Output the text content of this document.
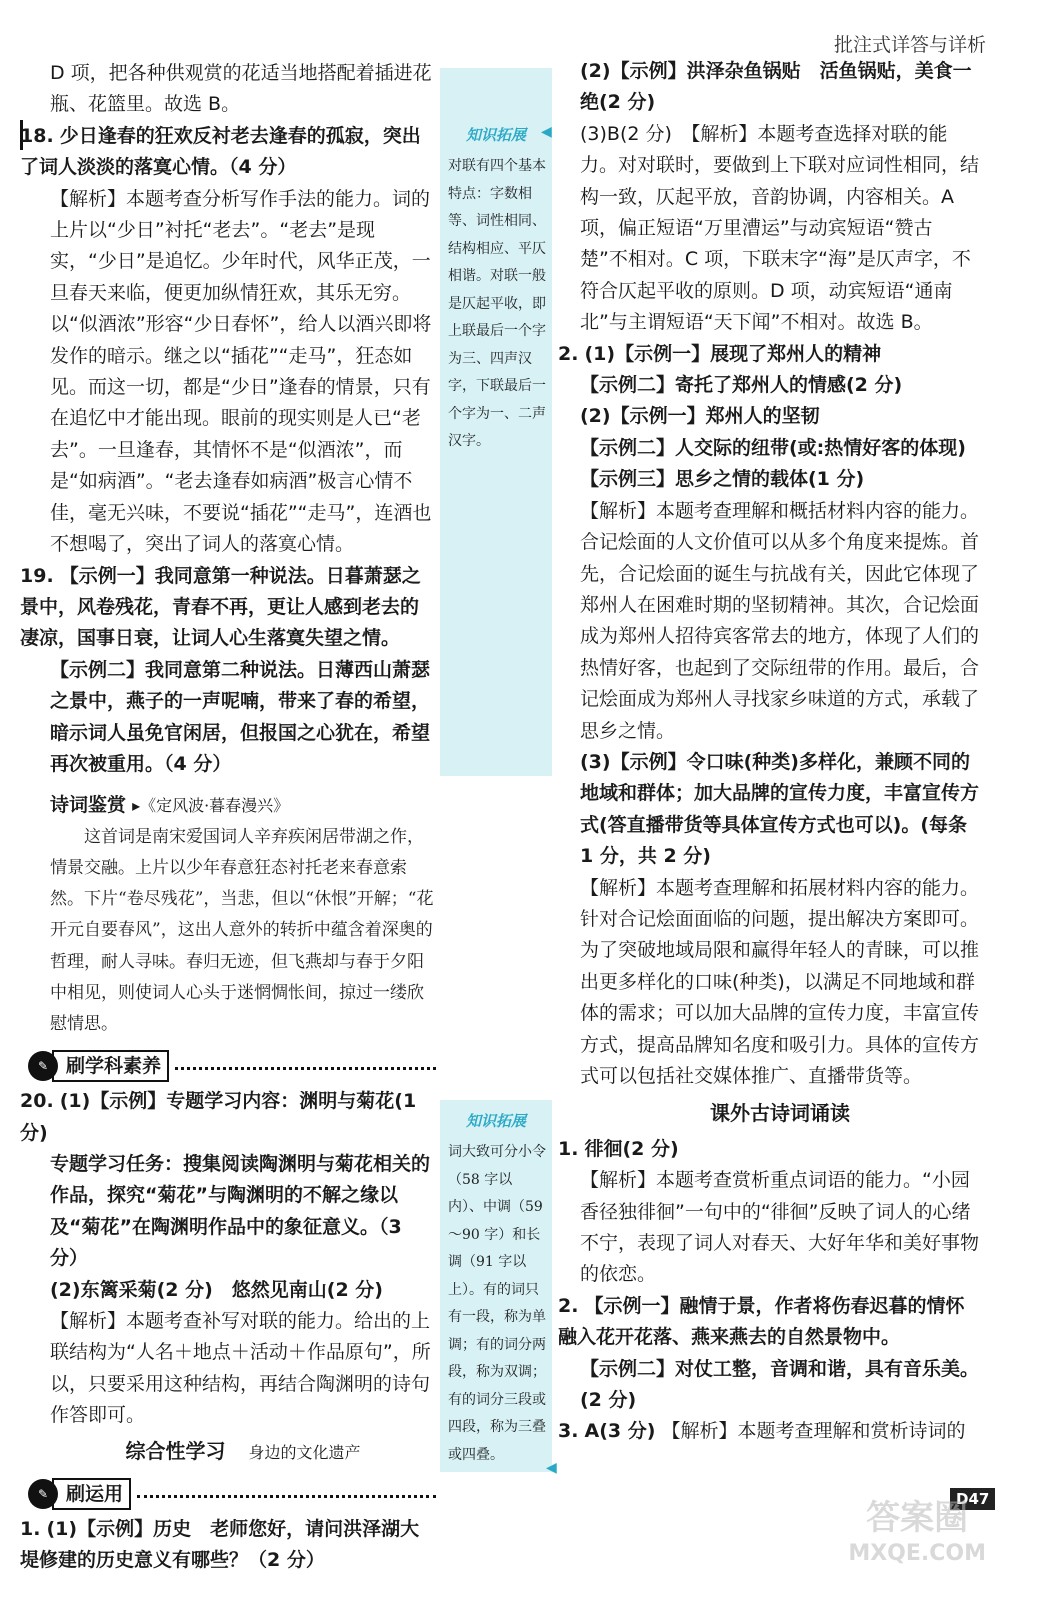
批注式详答与详析

D 项，把各种供观赏的花适当地搭配着插进花瓶、花篮里。故选 B。

18. 少日逢春的狂欢反衬老去逢春的孤寂，突出了词人淡淡的落寞心情。（4 分）

【解析】本题考查分析写作手法的能力。词的上片以“少日”衬托“老去”。“老去”是现实，“少日”是追忆。少年时代，风华正茂，一旦春天来临，便更加纵情狂欢，其乐无穷。以“似酒浓”形容“少日春怀”，给人以酒兴即将发作的暗示。继之以“插花”“走马”，狂态如见。而这一切，都是“少日”逢春的情景，只有在追忆中才能出现。眼前的现实则是人已“老去”。一旦逢春，其情怀不是“似酒浓”，而是“如病酒”。“老去逢春如病酒”极言心情不佳，毫无兴味，不要说“插花”“走马”，连酒也不想喝了，突出了词人的落寞心情。

19. 【示例一】我同意第一种说法。日暮萧瑟之景中，风卷残花，青春不再，更让人感到老去的凄凉，国事日衰，让词人心生落寞失望之情。

【示例二】我同意第二种说法。日薄西山萧瑟之景中，燕子的一声呢喃，带来了春的希望，暗示词人虽免官闲居，但报国之心犹在，希望再次被重用。（4 分）

诗词鉴赏 ▸《定风波·暮春漫兴》

这首词是南宋爱国词人辛弃疾闲居带湖之作，情景交融。上片以少年春意狂态衬托老来春意索然。下片“卷尽残花”，当悲，但以“休恨”开解；“花开元自要春风”，这出人意外的转折中蕴含着深奥的哲理，耐人寻味。春归无迹，但飞燕却与春于夕阳中相见，则使词人心头于迷惘惆怅间，掠过一缕欣慰情思。

✎ 刷学科素养

20. (1)【示例】专题学习内容：渊明与菊花(1 分)

专题学习任务：搜集阅读陶渊明与菊花相关的作品，探究“菊花”与陶渊明的不解之缘以及“菊花”在陶渊明作品中的象征意义。（3 分）

(2)东篱采菊(2 分)　悠然见南山(2 分)

【解析】本题考查补写对联的能力。给出的上联结构为“人名＋地点＋活动＋作品原句”，所以，只要采用这种结构，再结合陶渊明的诗句作答即可。

综合性学习 身边的文化遗产
✎ 刷运用

1. (1)【示例】历史　老师您好，请问洪泽湖大堤修建的历史意义有哪些？（2 分）

知识拓展
对联有四个基本特点：字数相等、词性相同、结构相应、平仄相谐。对联一般是仄起平收，即上联最后一个字为三、四声汉字，下联最后一个字为一、二声汉字。
◀
知识拓展
词大致可分小令（58 字以内）、中调（59～90 字）和长调（91 字以上）。有的词只有一段，称为单调；有的词分两段，称为双调；有的词分三段或四段，称为三叠或四叠。
◀

(2)【示例】洪泽杂鱼锅贴　活鱼锅贴，美食一绝(2 分)

(3)B(2 分)　【解析】本题考查选择对联的能力。对对联时，要做到上下联对应词性相同，结构一致，仄起平放，音韵协调，内容相关。A 项，偏正短语“万里漕运”与动宾短语“赞古楚”不相对。C 项，下联末字“海”是仄声字，不符合仄起平收的原则。D 项，动宾短语“通南北”与主谓短语“天下闻”不相对。故选 B。

2. (1)【示例一】展现了郑州人的精神

【示例二】寄托了郑州人的情感(2 分)

(2)【示例一】郑州人的坚韧

【示例二】人交际的纽带(或:热情好客的体现)

【示例三】思乡之情的载体(1 分)

【解析】本题考查理解和概括材料内容的能力。合记烩面的人文价值可以从多个角度来提炼。首先，合记烩面的诞生与抗战有关，因此它体现了郑州人在困难时期的坚韧精神。其次，合记烩面成为郑州人招待宾客常去的地方，体现了人们的热情好客，也起到了交际纽带的作用。最后，合记烩面成为郑州人寻找家乡味道的方式，承载了思乡之情。

(3)【示例】令口味(种类)多样化，兼顾不同的地域和群体；加大品牌的宣传力度，丰富宣传方式(答直播带货等具体宣传方式也可以)。(每条 1 分，共 2 分)

【解析】本题考查理解和拓展材料内容的能力。针对合记烩面面临的问题，提出解决方案即可。为了突破地域局限和赢得年轻人的青睐，可以推出更多样化的口味(种类)，以满足不同地域和群体的需求；可以加大品牌的宣传力度，丰富宣传方式，提高品牌知名度和吸引力。具体的宣传方式可以包括社交媒体推广、直播带货等。

课外古诗词诵读

1. 徘徊(2 分)

【解析】本题考查赏析重点词语的能力。“小园香径独徘徊”一句中的“徘徊”反映了词人的心绪不宁，表现了词人对春天、大好年华和美好事物的依恋。

2. 【示例一】融情于景，作者将伤春迟暮的情怀融入花开花落、燕来燕去的自然景物中。

【示例二】对仗工整，音调和谐，具有音乐美。(2 分)

3. A(3 分) 【解析】本题考查理解和赏析诗词的

D47
答案圈
MXQE.COM
